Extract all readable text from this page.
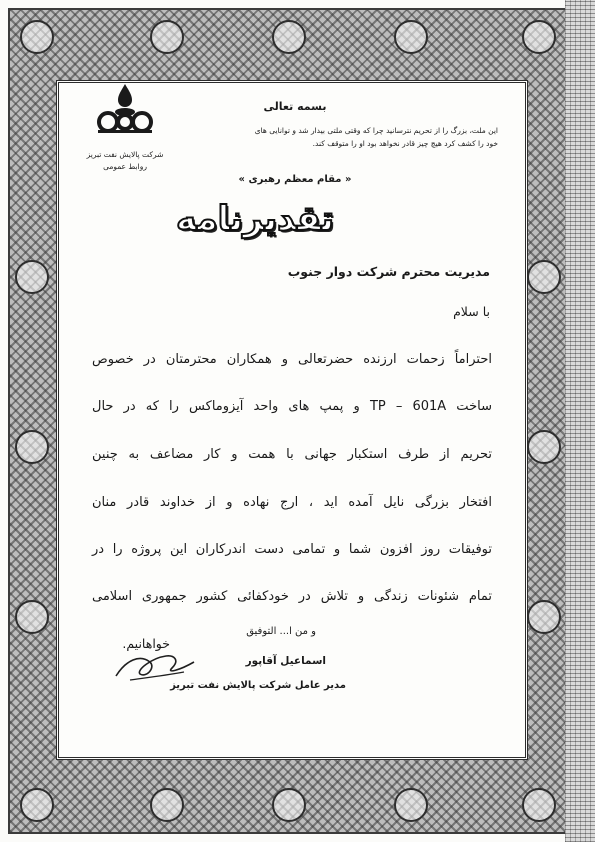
بسمه تعالی
شرکت پالایش نفت تبریز
روابط عمومی
این ملت، بزرگ را از تحریم نترسانید چرا که وقتی ملتی بیدار شد و توانایی های
خود را کشف کرد هیچ چیز قادر نخواهد بود او را متوقف کند.
« مقام معظم رهبری »
تقدیرنامه
مدیریت محترم شرکت دوار جنوب
با سلام
احتراماً زحمات ارزنده حضرتعالی و همکاران محترمتان در خصوص
ساخت TP – 601A و پمپ های واحد آیزوماکس را که در حال
تحریم از طرف استکبار جهانی با همت و کار مضاعف به چنین
افتخار بزرگی نایل آمده اید ، ارج نهاده و از خداوند قادر منان
توفیقات روز افزون شما و تمامی دست اندرکاران این پروژه را در
تمام شئونات زندگی و تلاش در خودکفائی کشور جمهوری اسلامی
خواهانیم.
و من ا... التوفیق
اسماعیل آقاپور
مدیر عامل شرکت پالایش نفت تبریز
